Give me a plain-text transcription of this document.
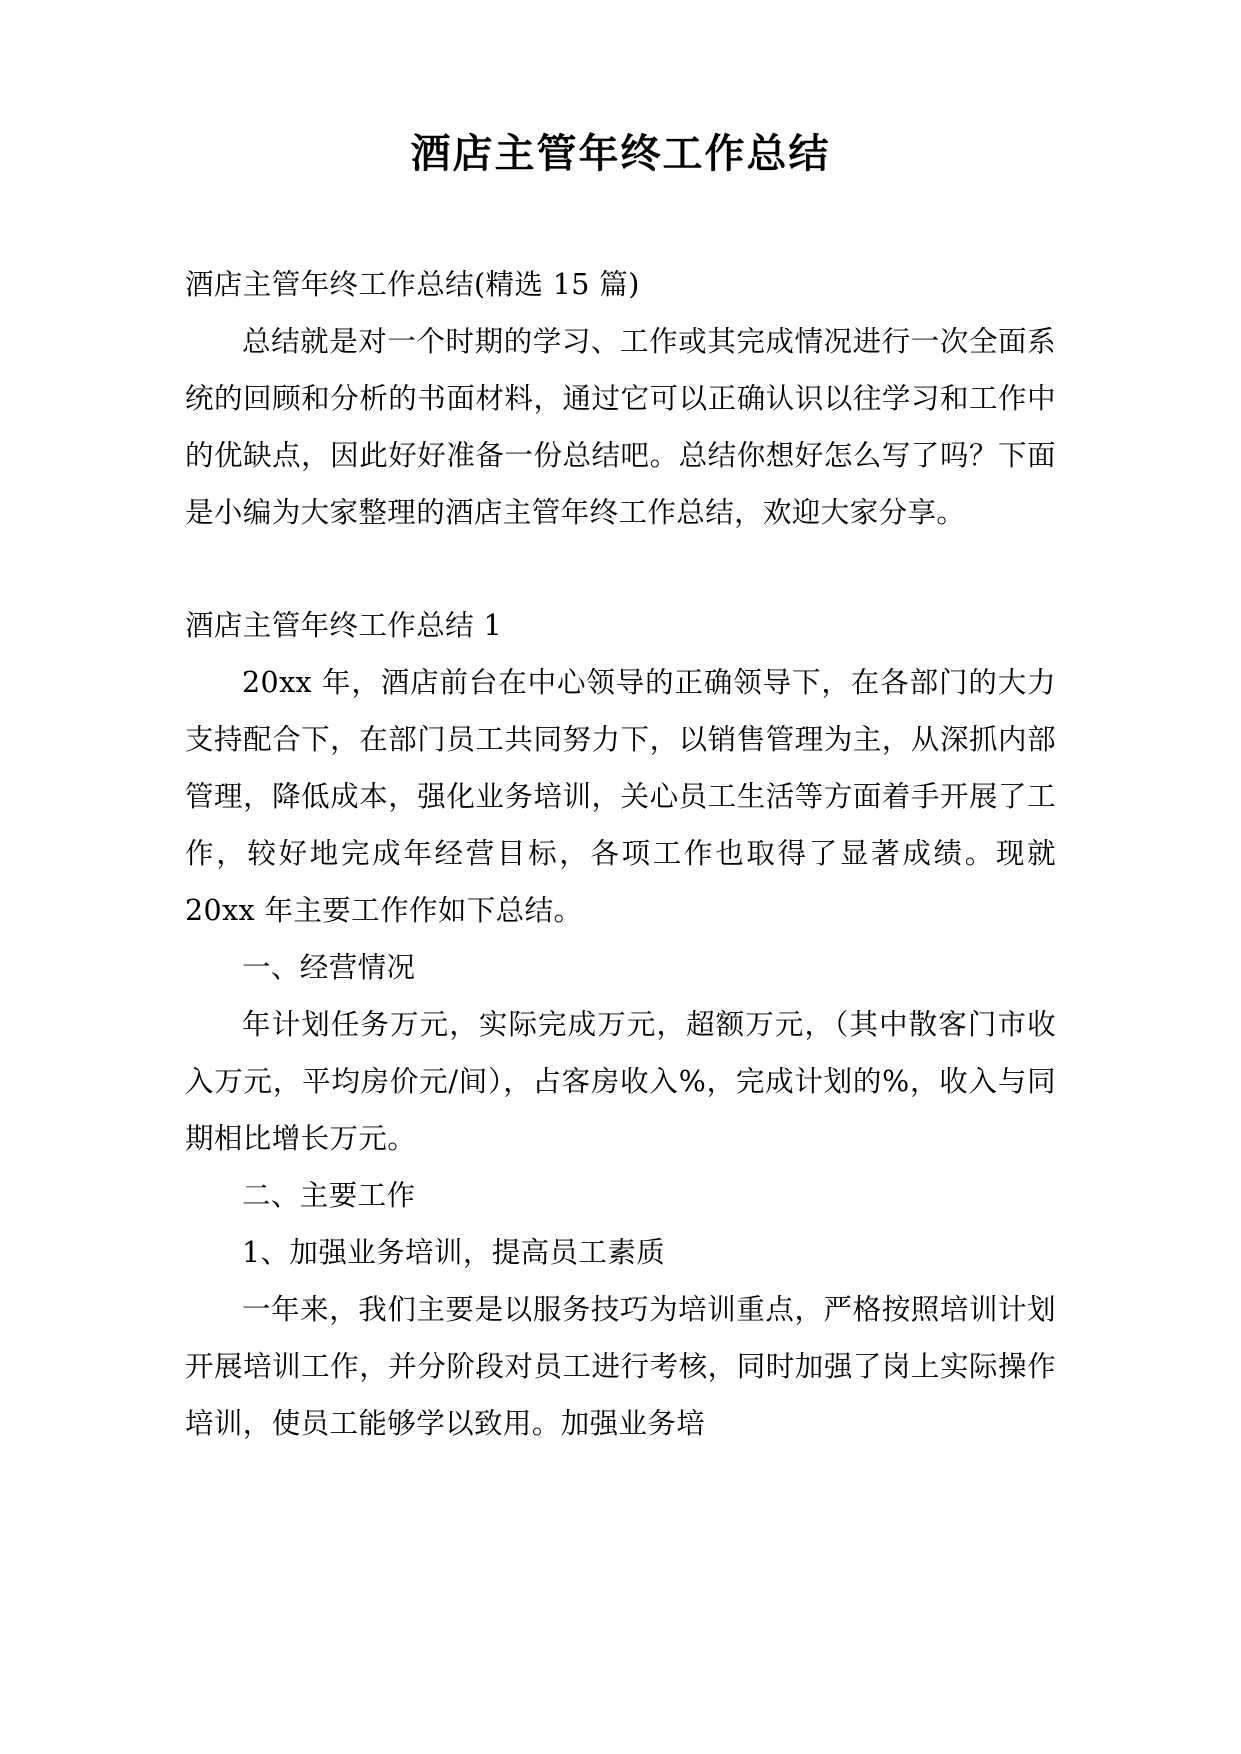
酒店主管年终工作总结

酒店主管年终工作总结(精选 15 篇)

总结就是对一个时期的学习、工作或其完成情况进行一次全面系统的回顾和分析的书面材料，通过它可以正确认识以往学习和工作中的优缺点，因此好好准备一份总结吧。总结你想好怎么写了吗？下面是小编为大家整理的酒店主管年终工作总结，欢迎大家分享。

酒店主管年终工作总结 1

20xx 年，酒店前台在中心领导的正确领导下，在各部门的大力支持配合下，在部门员工共同努力下，以销售管理为主，从深抓内部管理，降低成本，强化业务培训，关心员工生活等方面着手开展了工作，较好地完成年经营目标，各项工作也取得了显著成绩。现就 20xx 年主要工作作如下总结。

一、经营情况

年计划任务万元，实际完成万元，超额万元，（其中散客门市收入万元，平均房价元/间），占客房收入%，完成计划的%，收入与同期相比增长万元。

二、主要工作

1、加强业务培训，提高员工素质

一年来，我们主要是以服务技巧为培训重点，严格按照培训计划开展培训工作，并分阶段对员工进行考核，同时加强了岗上实际操作培训，使员工能够学以致用。加强业务培
